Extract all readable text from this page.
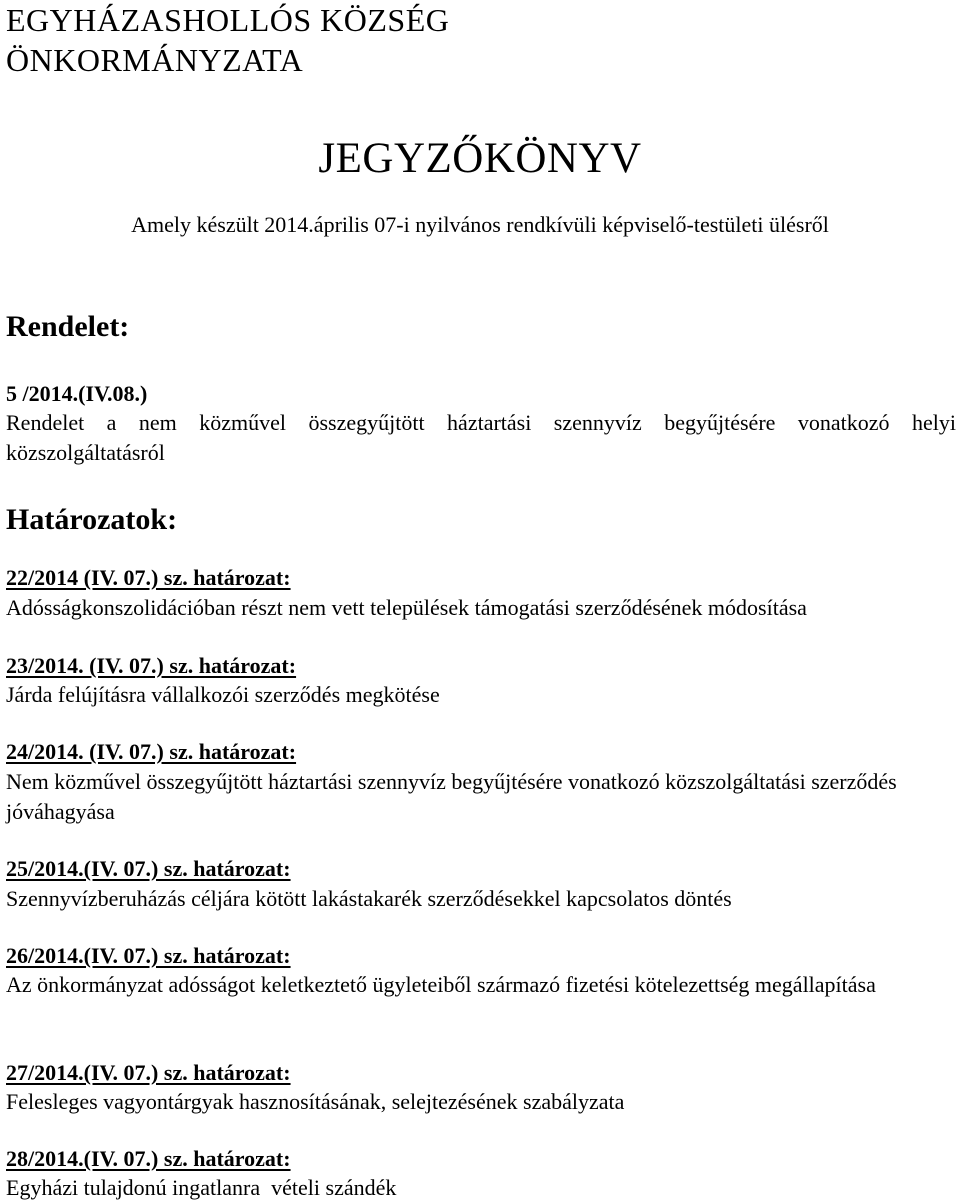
EGYHÁZASHOLLÓS KÖZSÉG
ÖNKORMÁNYZATA
JEGYZŐKÖNYV
Amely készült 2014.április 07-i nyilvános rendkívüli képviselő-testületi ülésről
Rendelet:
5 /2014.(IV.08.)
Rendelet a nem közművel összegyűjtött háztartási szennyvíz begyűjtésére vonatkozó helyi közszolgáltatásról
Határozatok:
22/2014 (IV. 07.) sz. határozat:
Adósságkonszolidációban részt nem vett települések támogatási szerződésének módosítása
23/2014. (IV. 07.) sz. határozat:
Járda felújításra vállalkozói szerződés megkötése
24/2014. (IV. 07.) sz. határozat:
Nem közművel összegyűjtött háztartási szennyvíz begyűjtésére vonatkozó közszolgáltatási szerződés jóváhagyása
25/2014.(IV. 07.) sz. határozat:
Szennyvízberuházás céljára kötött lakástakarék szerződésekkel kapcsolatos döntés
26/2014.(IV. 07.) sz. határozat:
Az önkormányzat adósságot keletkeztető ügyleteiből származó fizetési kötelezettség megállapítása
27/2014.(IV. 07.) sz. határozat:
Felesleges vagyontárgyak hasznosításának, selejtezésének szabályzata
28/2014.(IV. 07.) sz. határozat:
Egyházi tulajdonú ingatlanra  vételi szándék
